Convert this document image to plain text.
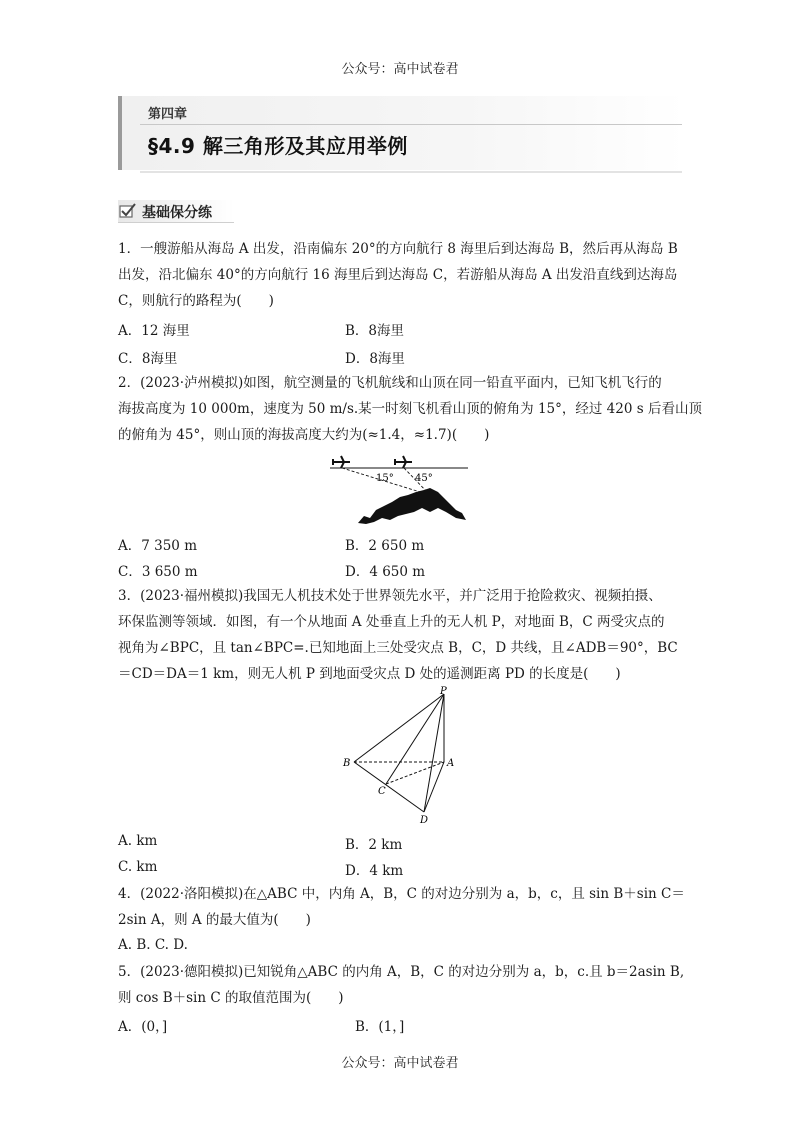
公众号：高中试卷君
第四章
§4.9 解三角形及其应用举例
基础保分练
1．一艘游船从海岛 A 出发，沿南偏东 20°的方向航行 8 海里后到达海岛 B，然后再从海岛 B
出发，沿北偏东 40°的方向航行 16 海里后到达海岛 C，若游船从海岛 A 出发沿直线到达海岛
C，则航行的路程为(　　)
A．12 海里	B．8海里
C．8海里	D．8海里
2．(2023·泸州模拟)如图，航空测量的飞机航线和山顶在同一铅直平面内，已知飞机飞行的
海拔高度为 10 000m，速度为 50 m/s.某一时刻飞机看山顶的俯角为 15°，经过 420 s 后看山顶
的俯角为 45°，则山顶的海拔高度大约为(≈1.4，≈1.7)(　　)
15° 45°
A．7 350 m	B．2 650 m
C．3 650 m	D．4 650 m
3．(2023·福州模拟)我国无人机技术处于世界领先水平，并广泛用于抢险救灾、视频拍摄、
环保监测等领域．如图，有一个从地面 A 处垂直上升的无人机 P，对地面 B，C 两受灾点的
视角为∠BPC，且 tan∠BPC=.已知地面上三处受灾点 B，C，D 共线，且∠ADB＝90°，BC
＝CD＝DA＝1 km，则无人机 P 到地面受灾点 D 处的遥测距离 PD 的长度是(　　)
P
A
B
C
D
A. km	B．2 km
C. km	D．4 km
4．(2022·洛阳模拟)在△ABC 中，内角 A，B，C 的对边分别为 a，b，c，且 sin B＋sin C＝
2sin A，则 A 的最大值为(　　)
A. B. C. D.
5．(2023·德阳模拟)已知锐角△ABC 的内角 A，B，C 的对边分别为 a，b，c.且 b＝2asin B,
则 cos B＋sin C 的取值范围为(　　)
A．(0，]	B．(1，]
公众号：高中试卷君
